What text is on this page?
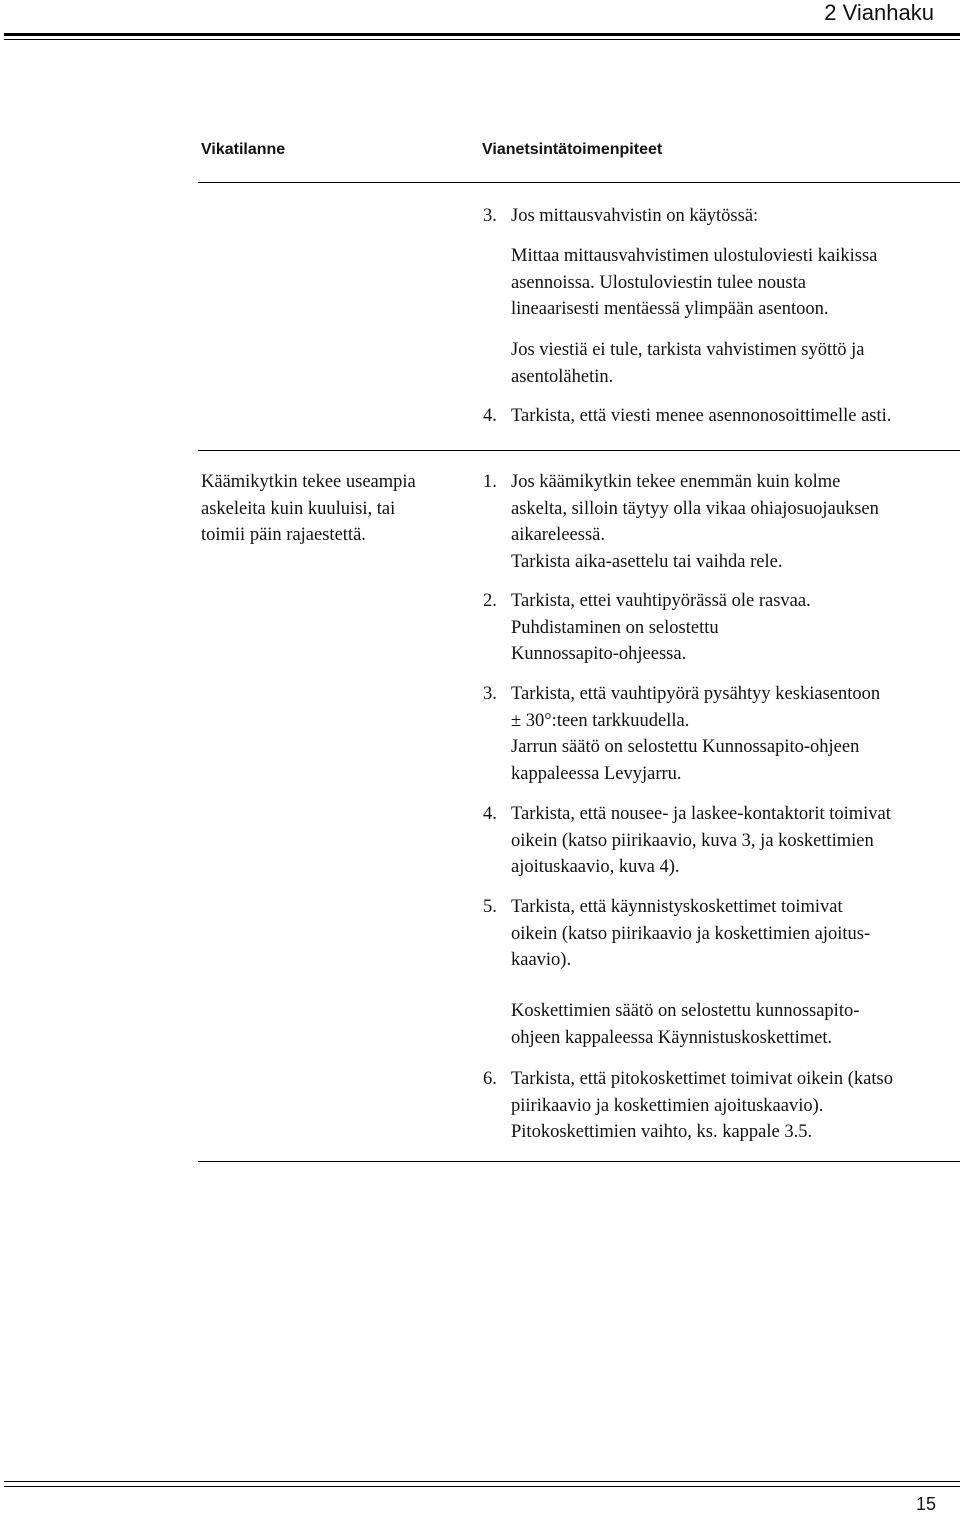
2 Vianhaku
Vikatilanne	Vianetsintätoimenpiteet
3. Jos mittausvahvistin on käytössä:
Mittaa mittausvahvistimen ulostuloviesti kaikissa
asennoissa. Ulostuloviestin tulee nousta
lineaarisesti mentäessä ylimpään asentoon.
Jos viestiä ei tule, tarkista vahvistimen syöttö ja
asentolähetin.
4. Tarkista, että viesti menee asennonosoittimelle asti.
Käämikytkin tekee useampia
askeleita kuin kuuluisi, tai
toimii päin rajaestettä.
1. Jos käämikytkin tekee enemmän kuin kolme
askelta, silloin täytyy olla vikaa ohiajosuojauksen
aikareleessä.
Tarkista aika-asettelu tai vaihda rele.
2. Tarkista, ettei vauhtipyörässä ole rasvaa.
Puhdistaminen on selostettu
Kunnossapito-ohjeessa.
3. Tarkista, että vauhtipyörä pysähtyy keskiasentoon
± 30°:teen tarkkuudella.
Jarrun säätö on selostettu Kunnossapito-ohjeen
kappaleessa Levyjarru.
4. Tarkista, että nousee- ja laskee-kontaktorit toimivat
oikein (katso piirikaavio, kuva 3, ja koskettimien
ajoituskaavio, kuva 4).
5. Tarkista, että käynnistyskoskettimet toimivat
oikein (katso piirikaavio ja koskettimien ajoitus-
kaavio).
Koskettimien säätö on selostettu kunnossapito-
ohjeen kappaleessa Käynnistuskoskettimet.
6. Tarkista, että pitokoskettimet toimivat oikein (katso
piirikaavio ja koskettimien ajoituskaavio).
Pitokoskettimien vaihto, ks. kappale 3.5.
15
